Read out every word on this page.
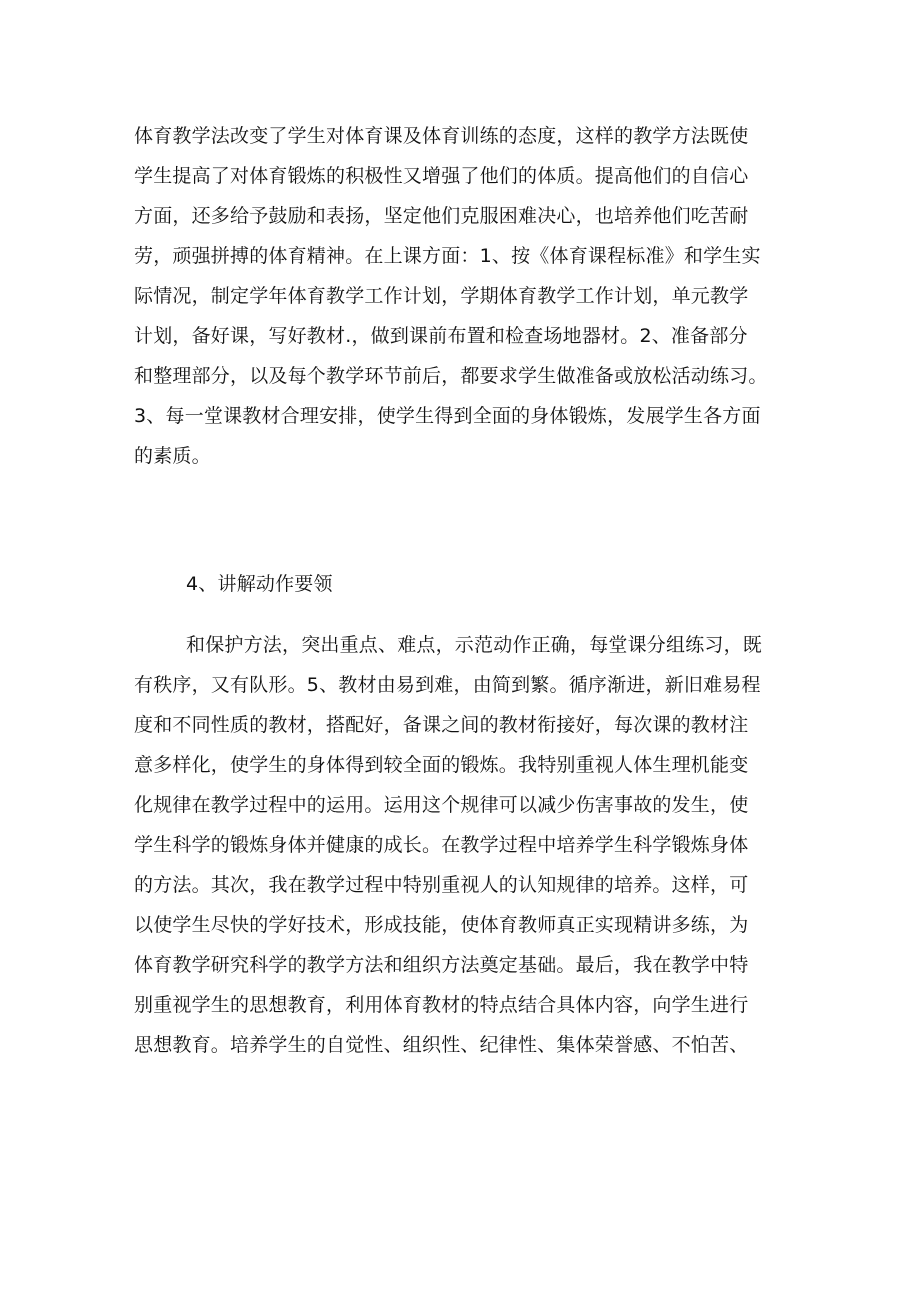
体育教学法改变了学生对体育课及体育训练的态度，这样的教学方法既使
学生提高了对体育锻炼的积极性又增强了他们的体质。提高他们的自信心
方面，还多给予鼓励和表扬，坚定他们克服困难决心，也培养他们吃苦耐
劳，顽强拼搏的体育精神。在上课方面：1、按《体育课程标准》和学生实
际情况，制定学年体育教学工作计划，学期体育教学工作计划，单元教学
计划，备好课，写好教材.，做到课前布置和检查场地器材。2、准备部分
和整理部分，以及每个教学环节前后，都要求学生做准备或放松活动练习。
3、每一堂课教材合理安排，使学生得到全面的身体锻炼，发展学生各方面
的素质。

4、讲解动作要领

和保护方法，突出重点、难点，示范动作正确，每堂课分组练习，既
有秩序，又有队形。5、教材由易到难，由简到繁。循序渐进，新旧难易程
度和不同性质的教材，搭配好，备课之间的教材衔接好，每次课的教材注
意多样化，使学生的身体得到较全面的锻炼。我特别重视人体生理机能变
化规律在教学过程中的运用。运用这个规律可以减少伤害事故的发生，使
学生科学的锻炼身体并健康的成长。在教学过程中培养学生科学锻炼身体
的方法。其次，我在教学过程中特别重视人的认知规律的培养。这样，可
以使学生尽快的学好技术，形成技能，使体育教师真正实现精讲多练，为
体育教学研究科学的教学方法和组织方法奠定基础。最后，我在教学中特
别重视学生的思想教育，利用体育教材的特点结合具体内容，向学生进行
思想教育。培养学生的自觉性、组织性、纪律性、集体荣誉感、不怕苦、
